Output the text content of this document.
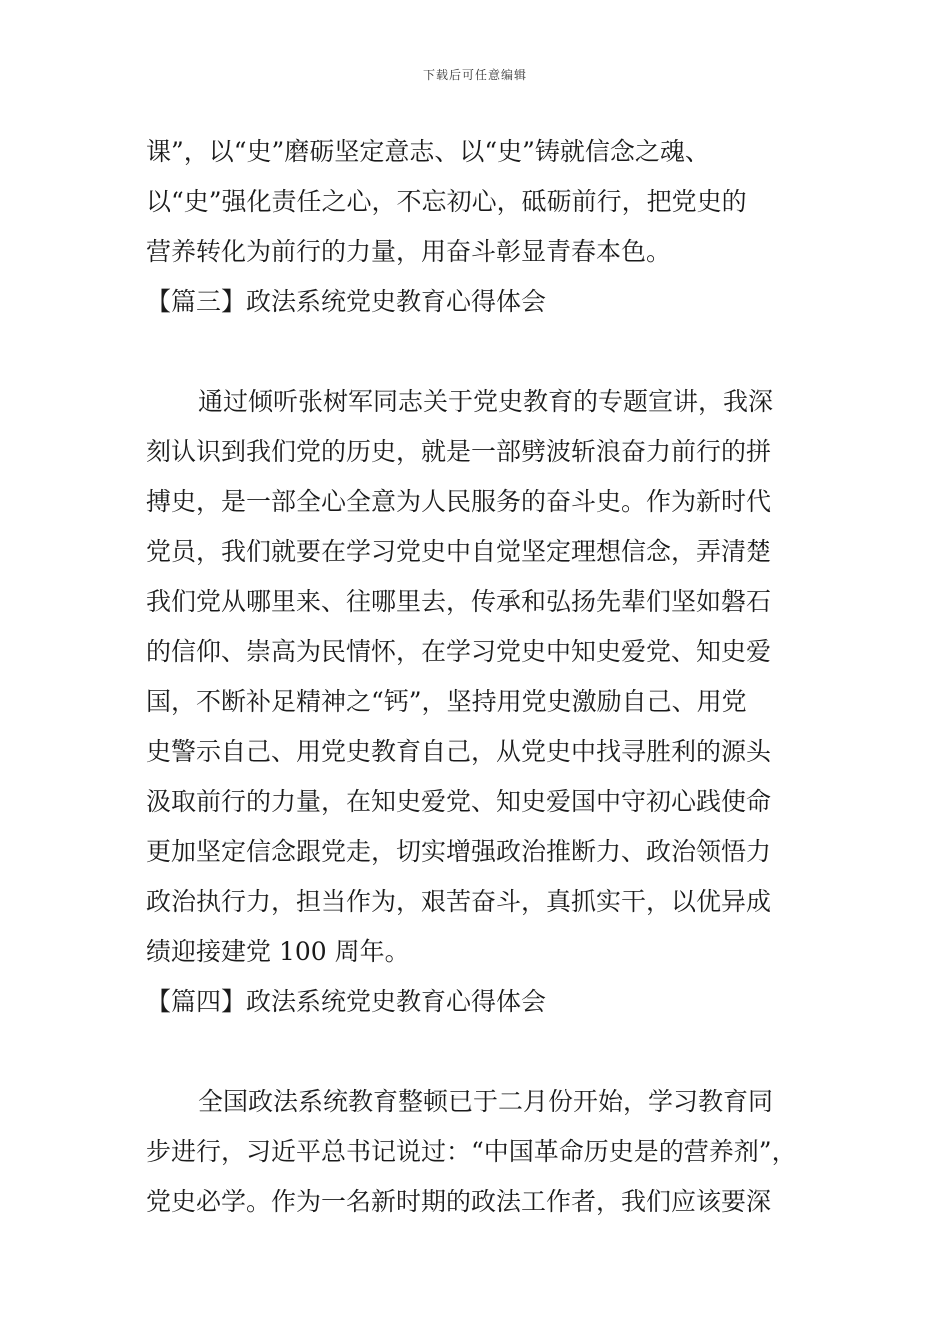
下载后可任意编辑
课”，以“史”磨砺坚定意志、以“史”铸就信念之魂、
以“史”强化责任之心，不忘初心，砥砺前行，把党史的
营养转化为前行的力量，用奋斗彰显青春本色。
【篇三】政法系统党史教育心得体会
通过倾听张树军同志关于党史教育的专题宣讲，我深
刻认识到我们党的历史，就是一部劈波斩浪奋力前行的拼
搏史，是一部全心全意为人民服务的奋斗史。作为新时代
党员，我们就要在学习党史中自觉坚定理想信念，弄清楚
我们党从哪里来、往哪里去，传承和弘扬先辈们坚如磐石
的信仰、崇高为民情怀，在学习党史中知史爱党、知史爱
国，不断补足精神之“钙”，坚持用党史激励自己、用党
史警示自己、用党史教育自己，从党史中找寻胜利的源头
汲取前行的力量，在知史爱党、知史爱国中守初心践使命
更加坚定信念跟党走，切实增强政治推断力、政治领悟力
政治执行力，担当作为，艰苦奋斗，真抓实干，以优异成
绩迎接建党 100 周年。
【篇四】政法系统党史教育心得体会
全国政法系统教育整顿已于二月份开始，学习教育同
步进行，习近平总书记说过：“中国革命历史是的营养剂”，
党史必学。作为一名新时期的政法工作者，我们应该要深
